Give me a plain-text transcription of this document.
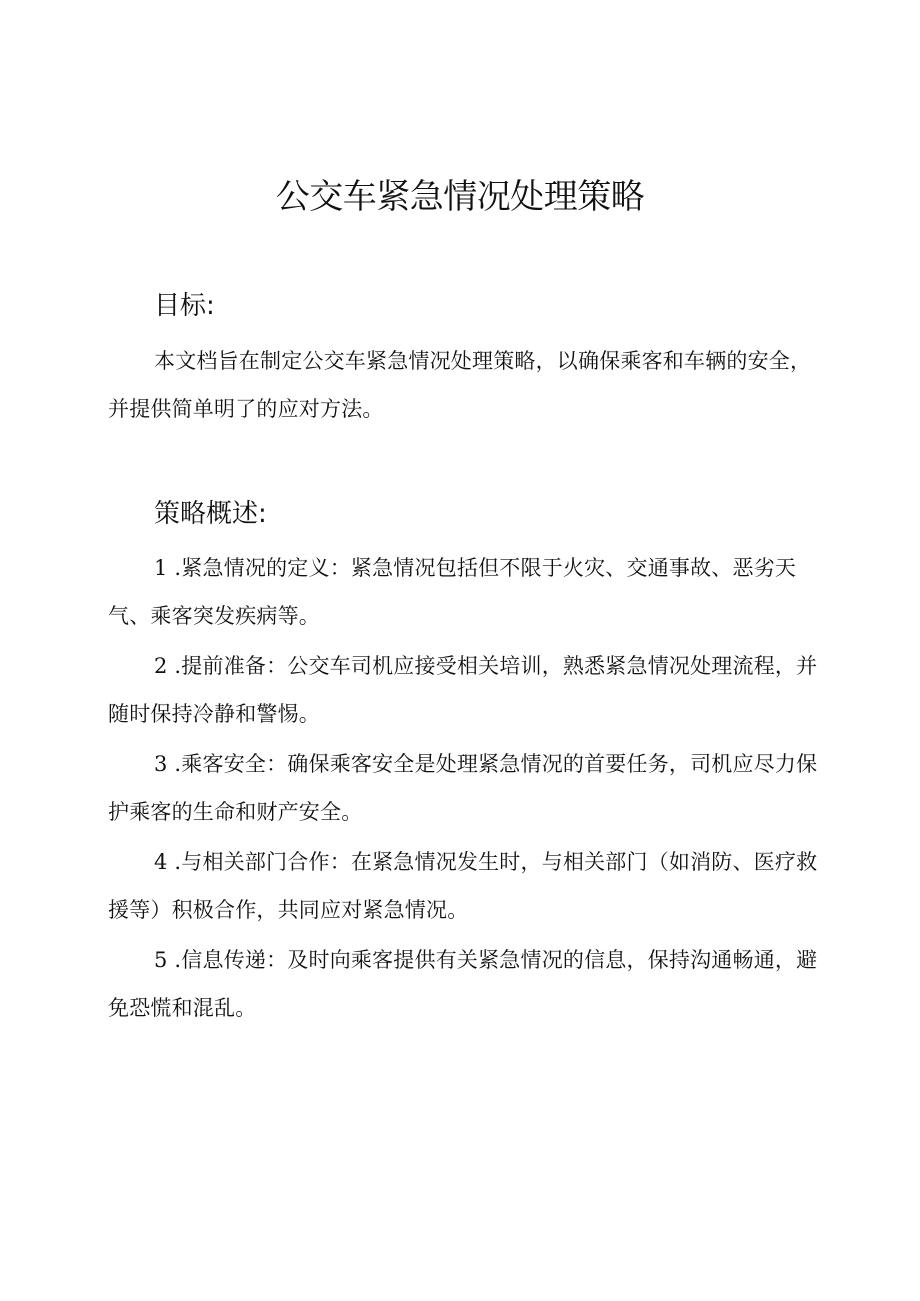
公交车紧急情况处理策略
目标:

本文档旨在制定公交车紧急情况处理策略，以确保乘客和车辆的安全，并提供简单明了的应对方法。

策略概述:

1 .紧急情况的定义：紧急情况包括但不限于火灾、交通事故、恶劣天气、乘客突发疾病等。

2 .提前准备：公交车司机应接受相关培训，熟悉紧急情况处理流程，并随时保持冷静和警惕。

3 .乘客安全：确保乘客安全是处理紧急情况的首要任务，司机应尽力保护乘客的生命和财产安全。

4 .与相关部门合作：在紧急情况发生时，与相关部门（如消防、医疗救援等）积极合作，共同应对紧急情况。

5 .信息传递：及时向乘客提供有关紧急情况的信息，保持沟通畅通，避免恐慌和混乱。
